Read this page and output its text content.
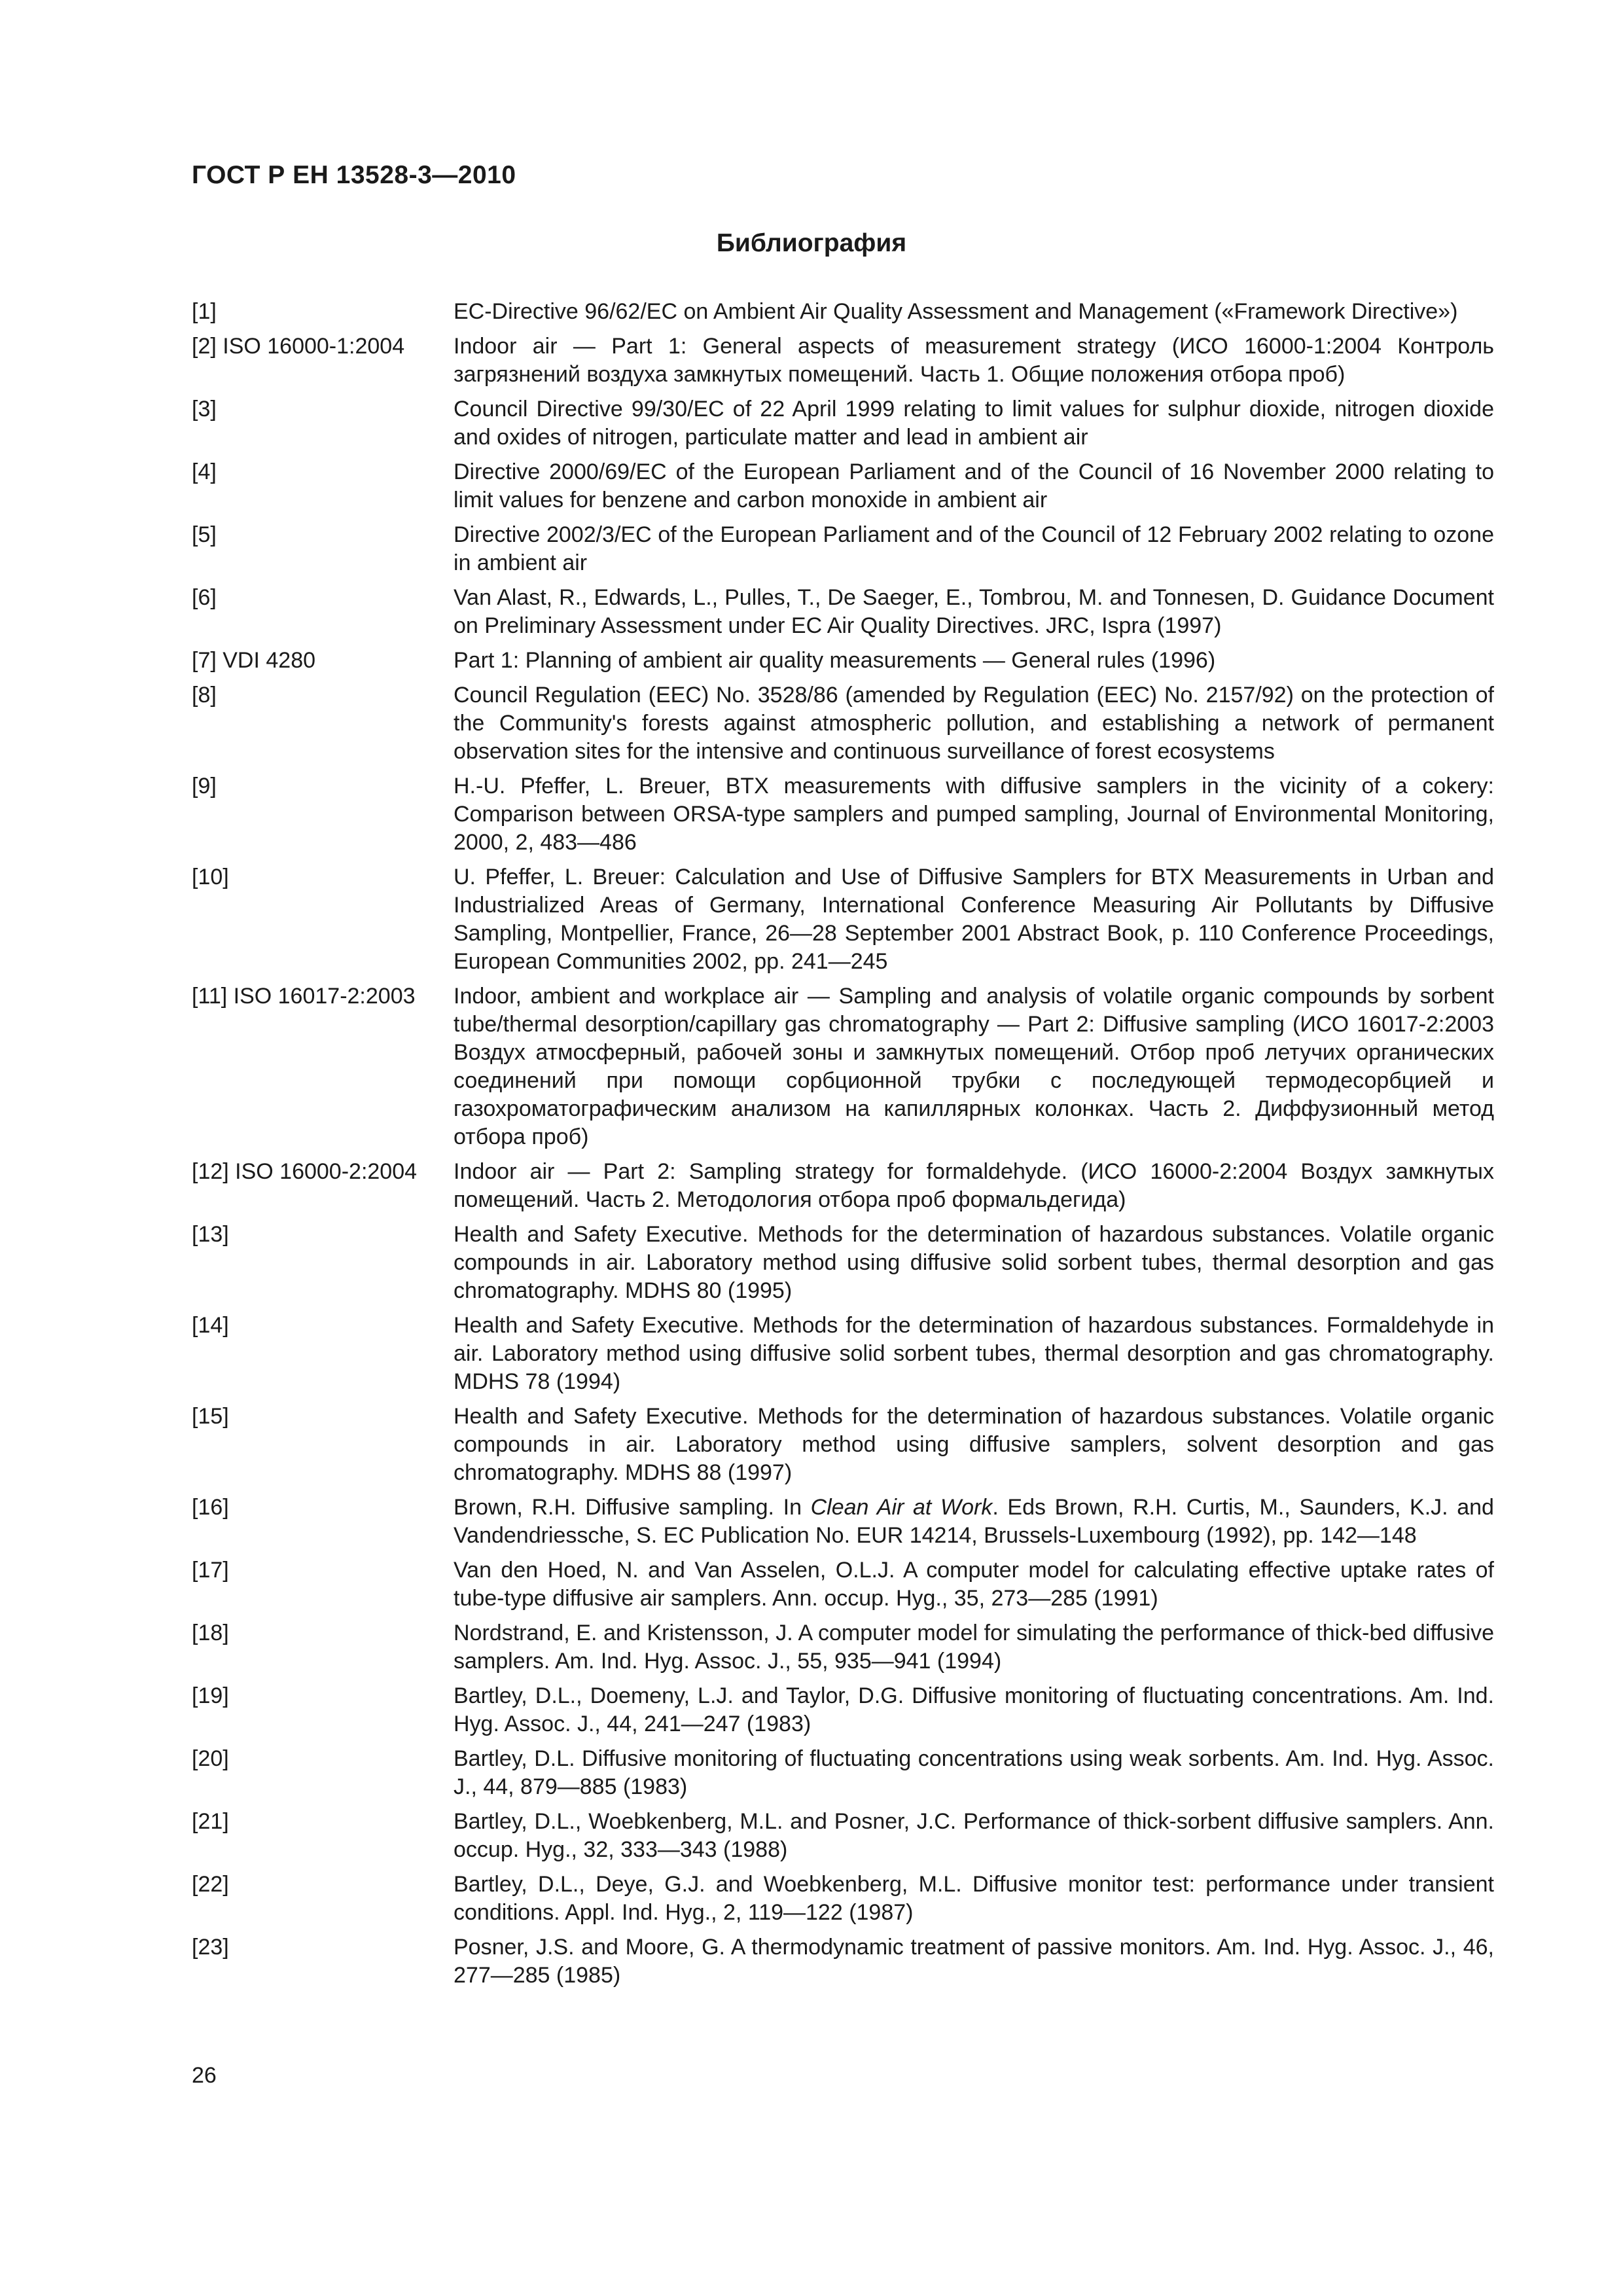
ГОСТ Р ЕН 13528-3—2010
Библиография
[1]	EC-Directive 96/62/EC on Ambient Air Quality Assessment and Management («Framework Directive»)
[2] ISO 16000-1:2004	Indoor air — Part 1: General aspects of measurement strategy (ИСО 16000-1:2004 Контроль загрязнений воздуха замкнутых помещений. Часть 1. Общие положения отбора проб)
[3]	Council Directive 99/30/EC of 22 April 1999 relating to limit values for sulphur dioxide, nitrogen dioxide and oxides of nitrogen, particulate matter and lead in ambient air
[4]	Directive 2000/69/EC of the European Parliament and of the Council of 16 November 2000 relating to limit values for benzene and carbon monoxide in ambient air
[5]	Directive 2002/3/EC of the European Parliament and of the Council of 12 February 2002 relating to ozone in ambient air
[6]	Van Alast, R., Edwards, L., Pulles, T., De Saeger, E., Tombrou, M. and Tonnesen, D. Guidance Document on Preliminary Assessment under EC Air Quality Directives. JRC, Ispra (1997)
[7] VDI 4280	Part 1: Planning of ambient air quality measurements — General rules (1996)
[8]	Council Regulation (EEC) No. 3528/86 (amended by Regulation (EEC) No. 2157/92) on the protection of the Community's forests against atmospheric pollution, and establishing a network of permanent observation sites for the intensive and continuous surveillance of forest ecosystems
[9]	H.-U. Pfeffer, L. Breuer, BTX measurements with diffusive samplers in the vicinity of a cokery: Comparison between ORSA-type samplers and pumped sampling, Journal of Environmental Monitoring, 2000, 2, 483—486
[10]	U. Pfeffer, L. Breuer: Calculation and Use of Diffusive Samplers for BTX Measurements in Urban and Industrialized Areas of Germany, International Conference Measuring Air Pollutants by Diffusive Sampling, Montpellier, France, 26—28 September 2001 Abstract Book, p. 110 Conference Proceedings, European Communities 2002, pp. 241—245
[11] ISO 16017-2:2003	Indoor, ambient and workplace air — Sampling and analysis of volatile organic compounds by sorbent tube/thermal desorption/capillary gas chromatography — Part 2: Diffusive sampling (ИСО 16017-2:2003 Воздух атмосферный, рабочей зоны и замкнутых помещений. Отбор проб летучих органических соединений при помощи сорбционной трубки с последующей термодесорбцией и газохроматографическим анализом на капиллярных колонках. Часть 2. Диффузионный метод отбора проб)
[12] ISO 16000-2:2004	Indoor air — Part 2: Sampling strategy for formaldehyde. (ИСО 16000-2:2004 Воздух замкнутых помещений. Часть 2. Методология отбора проб формальдегида)
[13]	Health and Safety Executive. Methods for the determination of hazardous substances. Volatile organic compounds in air. Laboratory method using diffusive solid sorbent tubes, thermal desorption and gas chromatography. MDHS 80 (1995)
[14]	Health and Safety Executive. Methods for the determination of hazardous substances. Formaldehyde in air. Laboratory method using diffusive solid sorbent tubes, thermal desorption and gas chromatography. MDHS 78 (1994)
[15]	Health and Safety Executive. Methods for the determination of hazardous substances. Volatile organic compounds in air. Laboratory method using diffusive samplers, solvent desorption and gas chromatography. MDHS 88 (1997)
[16]	Brown, R.H. Diffusive sampling. In Clean Air at Work. Eds Brown, R.H. Curtis, M., Saunders, K.J. and Vandendriessche, S. EC Publication No. EUR 14214, Brussels-Luxembourg (1992), pp. 142—148
[17]	Van den Hoed, N. and Van Asselen, O.L.J. A computer model for calculating effective uptake rates of tube-type diffusive air samplers. Ann. occup. Hyg., 35, 273—285 (1991)
[18]	Nordstrand, E. and Kristensson, J. A computer model for simulating the performance of thick-bed diffusive samplers. Am. Ind. Hyg. Assoc. J., 55, 935—941 (1994)
[19]	Bartley, D.L., Doemeny, L.J. and Taylor, D.G. Diffusive monitoring of fluctuating concentrations. Am. Ind. Hyg. Assoc. J., 44, 241—247 (1983)
[20]	Bartley, D.L. Diffusive monitoring of fluctuating concentrations using weak sorbents. Am. Ind. Hyg. Assoc. J., 44, 879—885 (1983)
[21]	Bartley, D.L., Woebkenberg, M.L. and Posner, J.C. Performance of thick-sorbent diffusive samplers. Ann. occup. Hyg., 32, 333—343 (1988)
[22]	Bartley, D.L., Deye, G.J. and Woebkenberg, M.L. Diffusive monitor test: performance under transient conditions. Appl. Ind. Hyg., 2, 119—122 (1987)
[23]	Posner, J.S. and Moore, G. A thermodynamic treatment of passive monitors. Am. Ind. Hyg. Assoc. J., 46, 277—285 (1985)
26
